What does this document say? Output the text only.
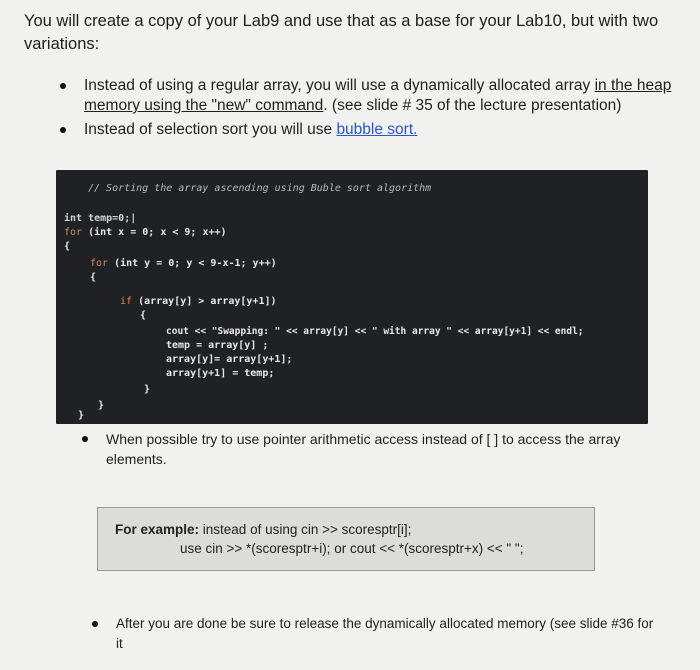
You will create a copy of your Lab9 and use that as a base for your Lab10, but with two variations:
Instead of using a regular array, you will use a dynamically allocated array in the heap memory using the "new" command. (see slide # 35 of the lecture presentation)
Instead of selection sort you will use bubble sort.
// Sorting the array ascending using Buble sort algorithm
int temp=0;|
for (int x = 0; x < 9; x++)
{
for (int y = 0; y < 9-x-1; y++)
{
if (array[y] > array[y+1])
{
cout << "Swapping: " << array[y] << " with array " << array[y+1] << endl;
temp = array[y] ;
array[y]= array[y+1];
array[y+1] = temp;
}
}
}
When possible try to use pointer arithmetic access instead of [ ] to access the array elements.
For example: instead of using cin >> scoresptr[i];
use cin >> *(scoresptr+i); or cout << *(scoresptr+x) << " ";
After you are done be sure to release the dynamically allocated memory (see slide #36 for it
